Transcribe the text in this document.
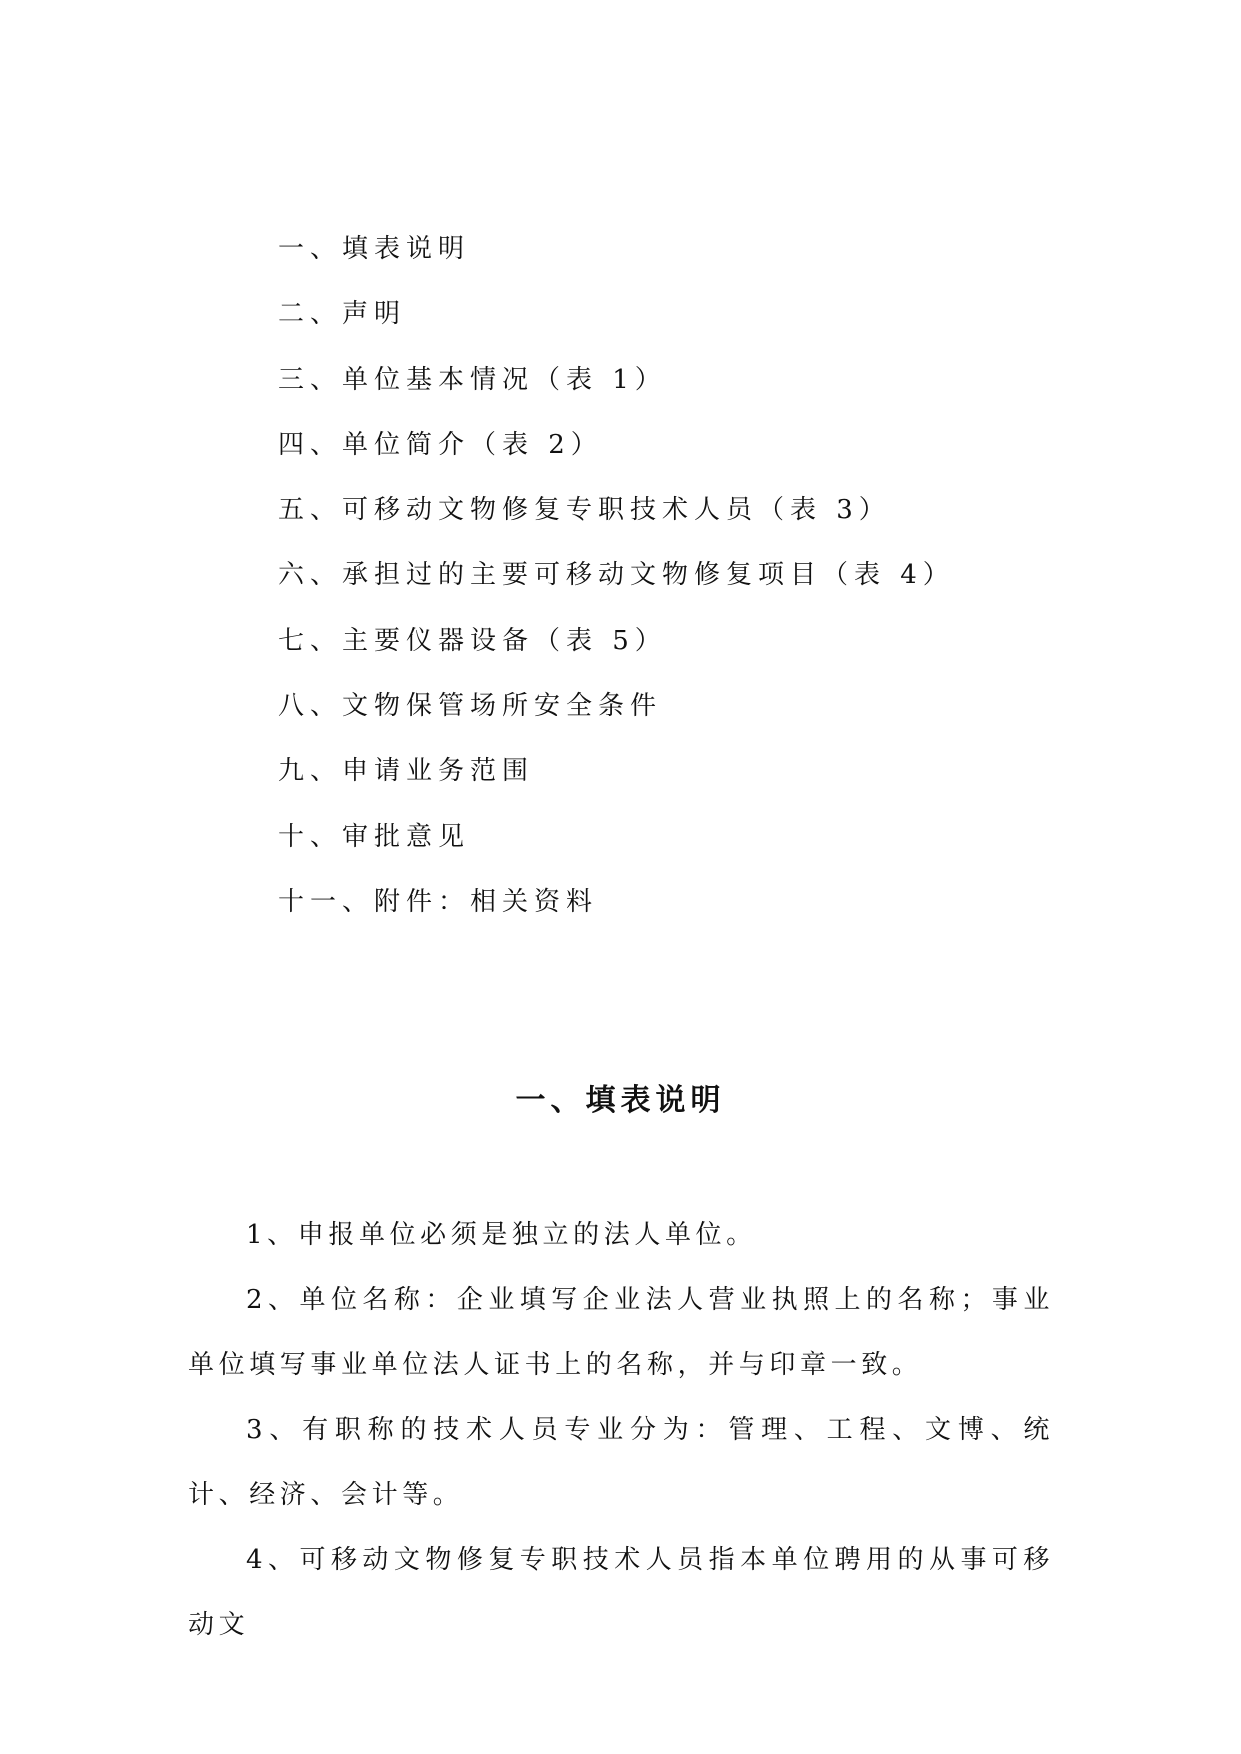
一、填表说明
二、声明
三、单位基本情况（表 1）
四、单位简介（表 2）
五、可移动文物修复专职技术人员（表 3）
六、承担过的主要可移动文物修复项目（表 4）
七、主要仪器设备（表 5）
八、文物保管场所安全条件
九、申请业务范围
十、审批意见
十一、附件：相关资料
一、填表说明

1、申报单位必须是独立的法人单位。

2、单位名称：企业填写企业法人营业执照上的名称；事业单位填写事业单位法人证书上的名称，并与印章一致。

3、有职称的技术人员专业分为：管理、工程、文博、统计、经济、会计等。

4、可移动文物修复专职技术人员指本单位聘用的从事可移动文
